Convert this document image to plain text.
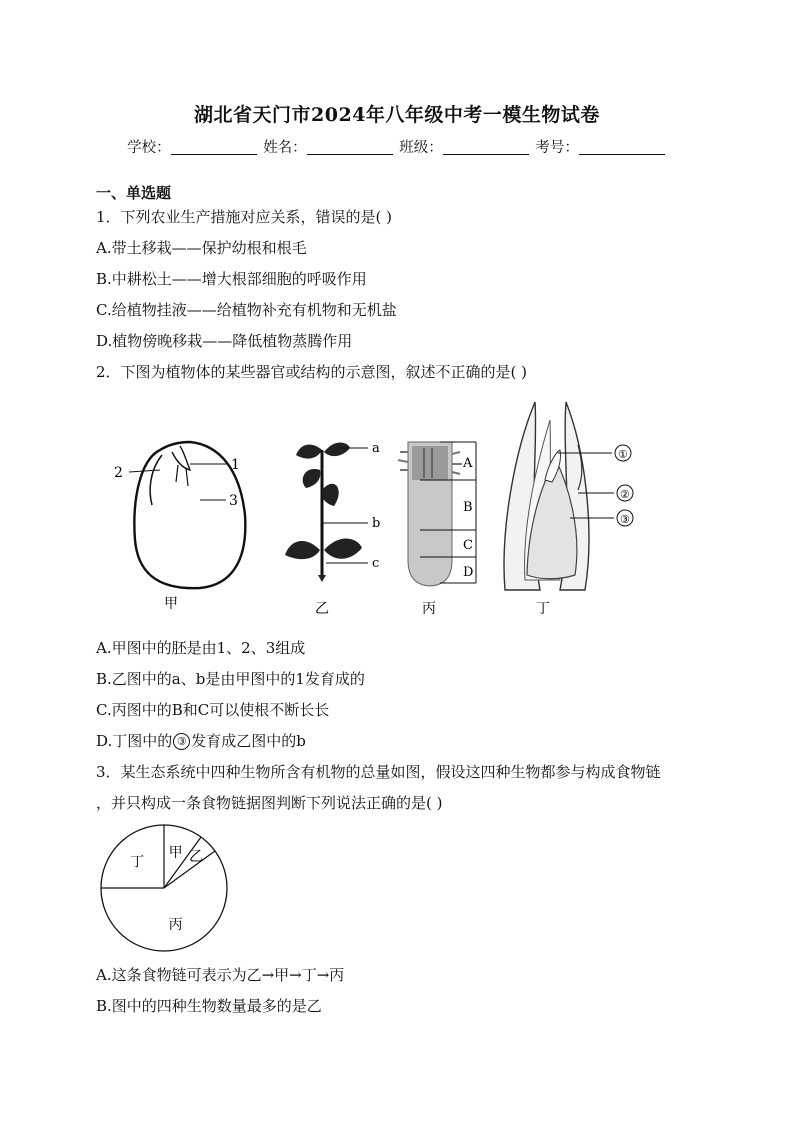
湖北省天门市2024年八年级中考一模生物试卷
学校：	姓名：	班级：	考号：
一、单选题
1．下列农业生产措施对应关系，错误的是( )
A.带土移栽——保护幼根和根毛
B.中耕松土——增大根部细胞的呼吸作用
C.给植物挂液——给植物补充有机物和无机盐
D.植物傍晚移栽——降低植物蒸腾作用
2．下图为植物体的某些器官或结构的示意图，叙述不正确的是( )
2	1
3
甲
a
b
c
乙
A
B
C
D
丙
①
②
③
丁
A.甲图中的胚是由1、2、3组成
B.乙图中的a、b是由甲图中的1发育成的
C.丙图中的B和C可以使根不断长长
D.丁图中的 ③ 发育成乙图中的b
3．某生态系统中四种生物所含有机物的总量如图，假设这四种生物都参与构成食物链
，并只构成一条食物链据图判断下列说法正确的是( )
甲 乙
丙
丁
A.这条食物链可表示为乙→甲→丁→丙
B.图中的四种生物数量最多的是乙
